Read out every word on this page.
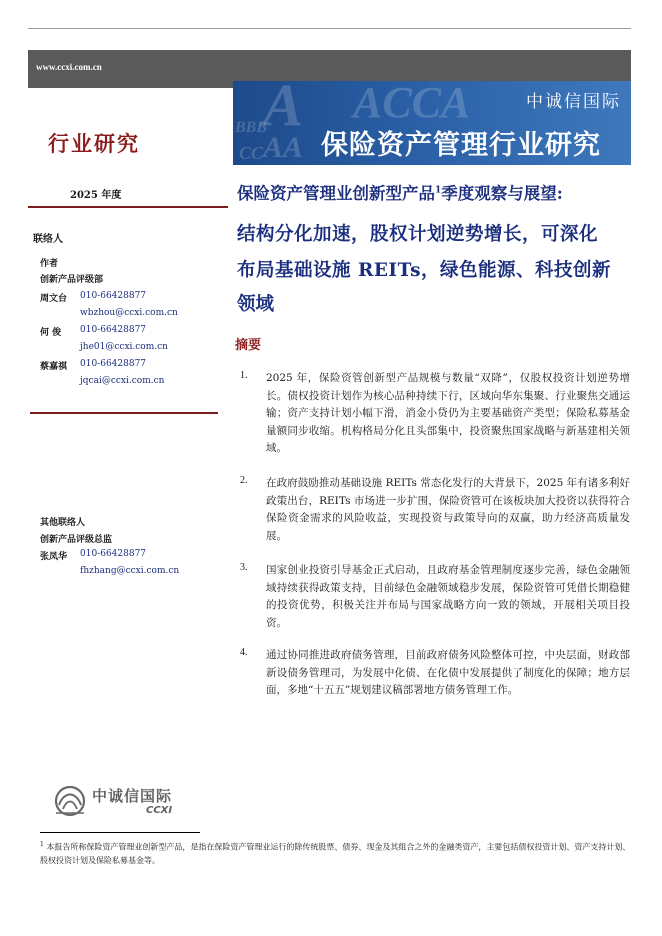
www.ccxi.com.cn
A ACCA
BBB
AA
CC
中诚信国际
保险资产管理行业研究
行业研究
2025 年度
联络人
作者
创新产品评级部
周文台 010-66428877
wbzhou@ccxi.com.cn
何 俊 010-66428877
jhe01@ccxi.com.cn
蔡嘉祺 010-66428877
jqcai@ccxi.com.cn
其他联络人
创新产品评级总监
张凤华 010-66428877
fhzhang@ccxi.com.cn
保险资产管理业创新型产品$^1$季度观察与展望:
结构分化加速，股权计划逆势增长，可深化
布局基础设施 REITs，绿色能源、科技创新
领域
摘要
1. 2025 年，保险资管创新型产品规模与数量“双降”，仅股权投资计划逆势增长。债权投资计划作为核心品种持续下行，区域向华东集聚、行业聚焦交通运输；资产支持计划小幅下滑，消金小贷仍为主要基础资产类型；保险私募基金量额同步收缩。机构格局分化且头部集中，投资聚焦国家战略与新基建相关领域。
2. 在政府鼓励推动基础设施 REITs 常态化发行的大背景下，2025 年有诸多利好政策出台，REITs 市场进一步扩围，保险资管可在该板块加大投资以获得符合保险资金需求的风险收益，实现投资与政策导向的双赢，助力经济高质量发展。
3. 国家创业投资引导基金正式启动，且政府基金管理制度逐步完善，绿色金融领域持续获得政策支持，目前绿色金融领域稳步发展，保险资管可凭借长期稳健的投资优势，积极关注并布局与国家战略方向一致的领域，开展相关项目投资。
4. 通过协同推进政府债务管理，目前政府债务风险整体可控，中央层面，财政部新设债务管理司，为发展中化债、在化债中发展提供了制度化的保障；地方层面，多地“十五五”规划建议稿部署地方债务管理工作。
中诚信国际
CCXI
$^1$ 本报告所称保险资产管理业创新型产品，是指在保险资产管理业运行的除传统股票、债券、现金及其组合之外的金融类资产，主要包括债权投资计划、资产支持计划、股权投资计划及保险私募基金等。
